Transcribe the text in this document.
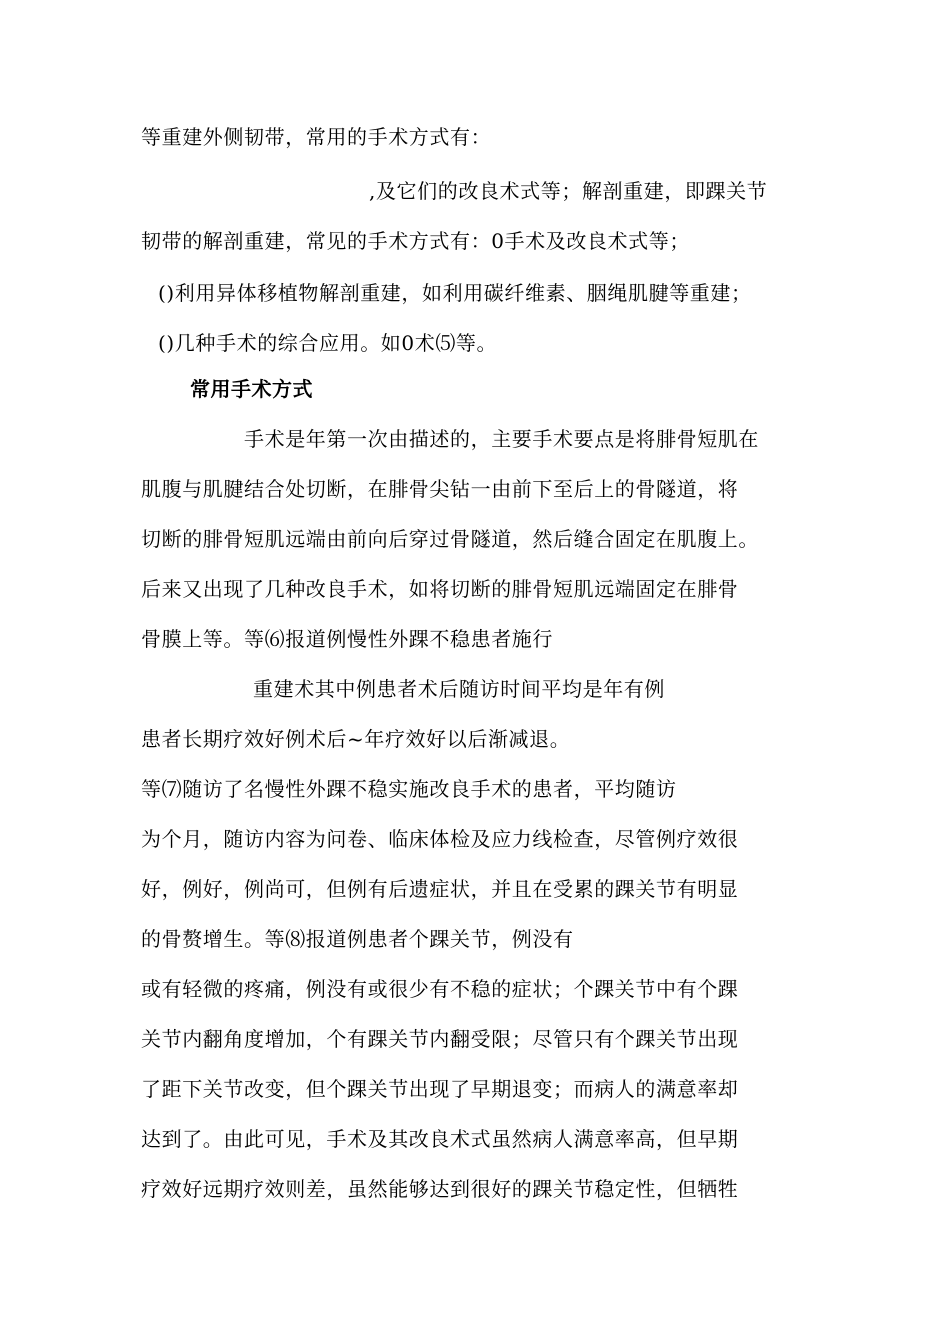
等重建外侧韧带，常用的手术方式有：
,及它们的改良术式等；解剖重建，即踝关节
韧带的解剖重建，常见的手术方式有：0手术及改良术式等；
()利用异体移植物解剖重建，如利用碳纤维素、胭绳肌腱等重建；
()几种手术的综合应用。如0术⑸等。
常用手术方式
手术是年第一次由描述的，主要手术要点是将腓骨短肌在
肌腹与肌腱结合处切断，在腓骨尖钻一由前下至后上的骨隧道，将
切断的腓骨短肌远端由前向后穿过骨隧道，然后缝合固定在肌腹上。
后来又出现了几种改良手术，如将切断的腓骨短肌远端固定在腓骨
骨膜上等。等⑹报道例慢性外踝不稳患者施行
重建术其中例患者术后随访时间平均是年有例
患者长期疗效好例术后~年疗效好以后渐减退。
等⑺随访了名慢性外踝不稳实施改良手术的患者，平均随访
为个月，随访内容为问卷、临床体检及应力线检查，尽管例疗效很
好，例好，例尚可，但例有后遗症状，并且在受累的踝关节有明显
的骨赘增生。等⑻报道例患者个踝关节，例没有
或有轻微的疼痛，例没有或很少有不稳的症状；个踝关节中有个踝
关节内翻角度增加，个有踝关节内翻受限；尽管只有个踝关节出现
了距下关节改变，但个踝关节出现了早期退变；而病人的满意率却
达到了。由此可见，手术及其改良术式虽然病人满意率高，但早期
疗效好远期疗效则差，虽然能够达到很好的踝关节稳定性，但牺牲
